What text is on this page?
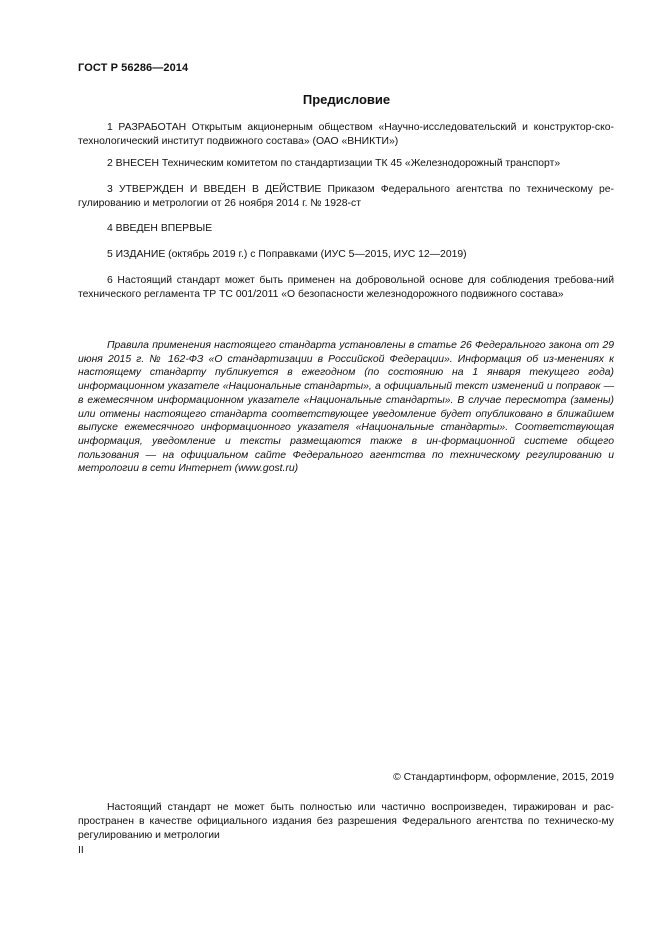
ГОСТ Р 56286—2014
Предисловие
1 РАЗРАБОТАН Открытым акционерным обществом «Научно-исследовательский и конструктор-ско-технологический институт подвижного состава» (ОАО «ВНИКТИ»)
2 ВНЕСЕН Техническим комитетом по стандартизации ТК 45 «Железнодорожный транспорт»
3 УТВЕРЖДЕН И ВВЕДЕН В ДЕЙСТВИЕ Приказом Федерального агентства по техническому ре-гулированию и метрологии от 26 ноября 2014 г. № 1928-ст
4 ВВЕДЕН ВПЕРВЫЕ
5 ИЗДАНИЕ (октябрь 2019 г.) с Поправками (ИУС 5—2015, ИУС 12—2019)
6 Настоящий стандарт может быть применен на добровольной основе для соблюдения требова-ний технического регламента ТР ТС 001/2011 «О безопасности железнодорожного подвижного состава»
Правила применения настоящего стандарта установлены в статье 26 Федерального закона от 29 июня 2015 г. № 162-ФЗ «О стандартизации в Российской Федерации». Информация об из-менениях к настоящему стандарту публикуется в ежегодном (по состоянию на 1 января текущего года) информационном указателе «Национальные стандарты», а официальный текст изменений и поправок — в ежемесячном информационном указателе «Национальные стандарты». В случае пересмотра (замены) или отмены настоящего стандарта соответствующее уведомление будет опубликовано в ближайшем выпуске ежемесячного информационного указателя «Национальные стандарты». Соответствующая информация, уведомление и тексты размещаются также в ин-формационной системе общего пользования — на официальном сайте Федерального агентства по техническому регулированию и метрологии в сети Интернет (www.gost.ru)
© Стандартинформ, оформление, 2015, 2019
Настоящий стандарт не может быть полностью или частично воспроизведен, тиражирован и рас-пространен в качестве официального издания без разрешения Федерального агентства по техническо-му регулированию и метрологии
II
